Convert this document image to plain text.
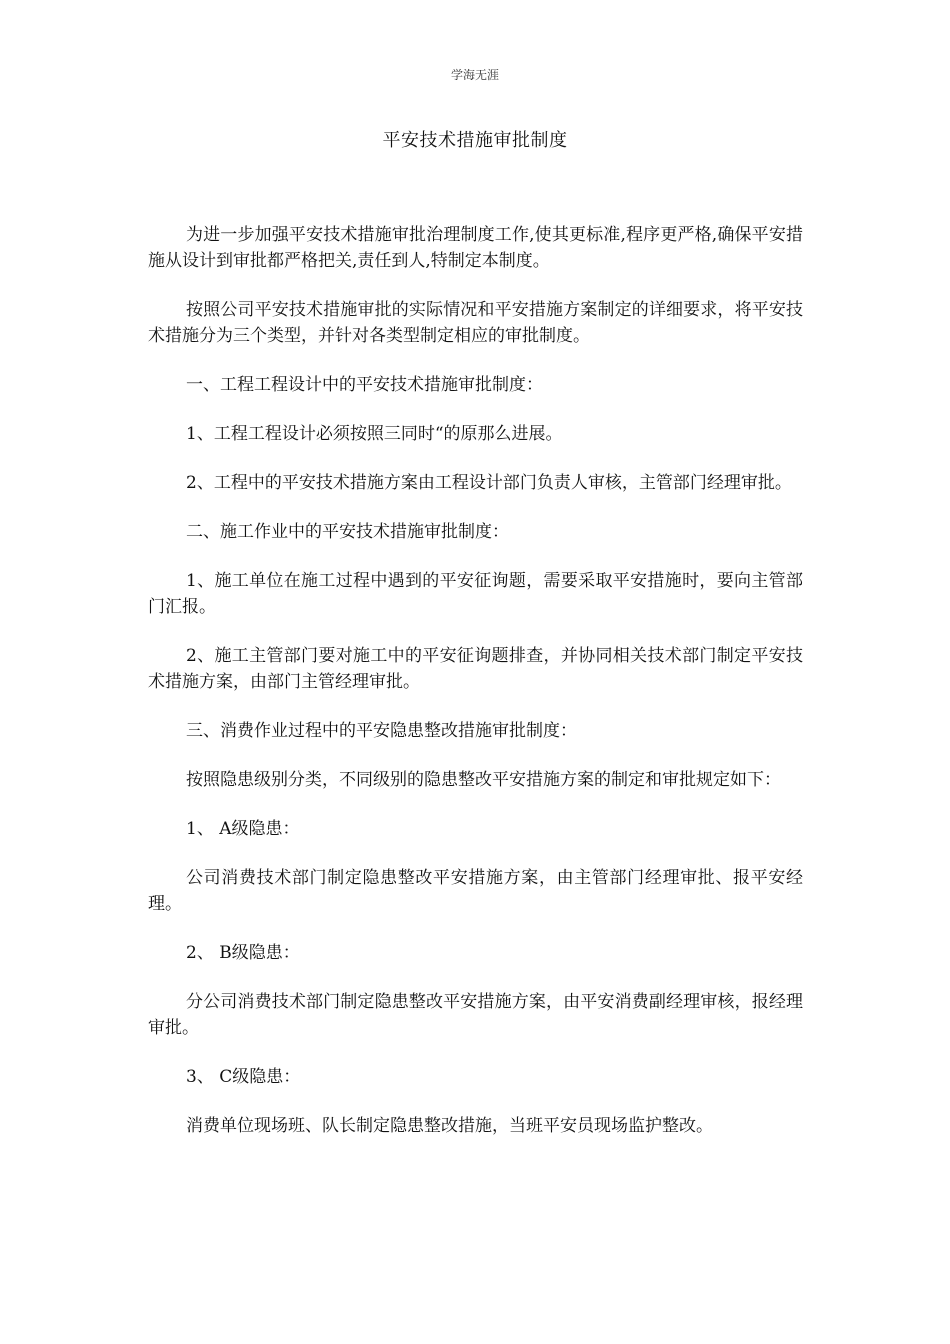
学海无涯
平安技术措施审批制度

为进一步加强平安技术措施审批治理制度工作,使其更标准,程序更严格,确保平安措施从设计到审批都严格把关,责任到人,特制定本制度。

按照公司平安技术措施审批的实际情况和平安措施方案制定的详细要求，将平安技术措施分为三个类型，并针对各类型制定相应的审批制度。

一、工程工程设计中的平安技术措施审批制度：

1、工程工程设计必须按照三同时“的原那么进展。

2、工程中的平安技术措施方案由工程设计部门负责人审核，主管部门经理审批。

二、施工作业中的平安技术措施审批制度：

1、施工单位在施工过程中遇到的平安征询题，需要采取平安措施时，要向主管部门汇报。

2、施工主管部门要对施工中的平安征询题排查，并协同相关技术部门制定平安技术措施方案，由部门主管经理审批。

三、消费作业过程中的平安隐患整改措施审批制度：

按照隐患级别分类，不同级别的隐患整改平安措施方案的制定和审批规定如下：

1、 A级隐患：

公司消费技术部门制定隐患整改平安措施方案，由主管部门经理审批、报平安经理。

2、 B级隐患：

分公司消费技术部门制定隐患整改平安措施方案，由平安消费副经理审核，报经理审批。

3、 C级隐患：

消费单位现场班、队长制定隐患整改措施，当班平安员现场监护整改。
